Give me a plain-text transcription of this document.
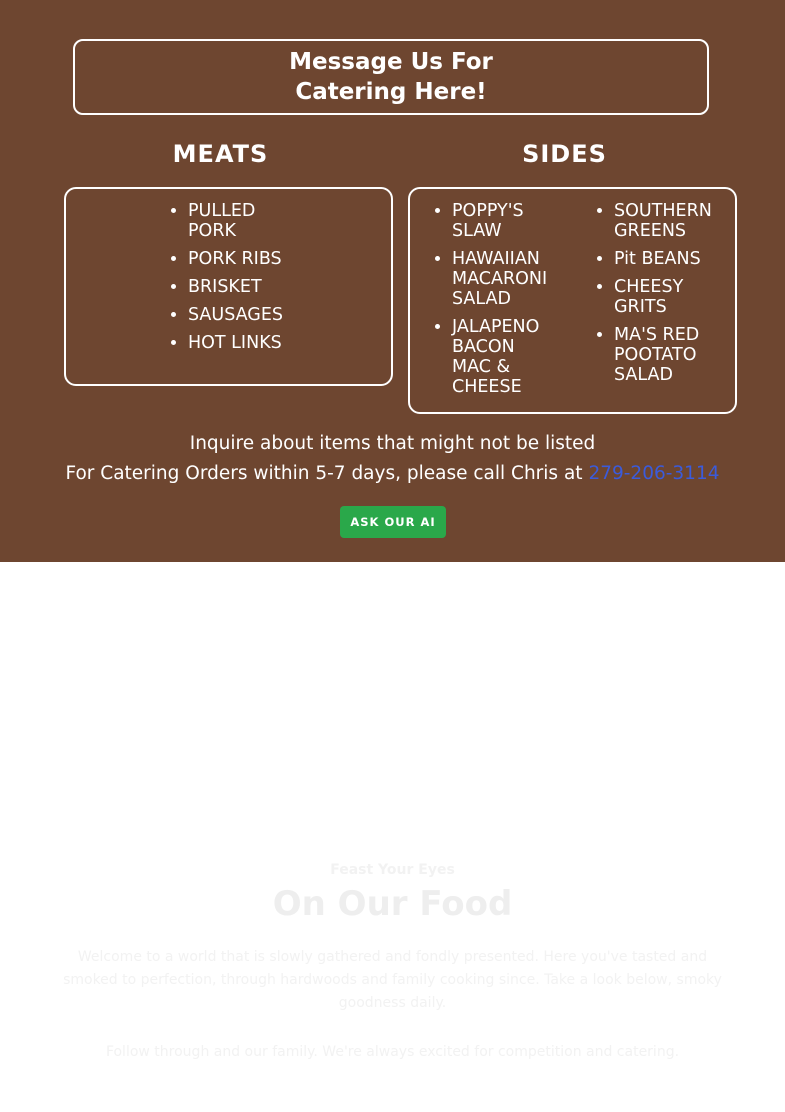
Message Us For Catering Here!
MEATS	SIDES
• PULLED PORK
• PORK RIBS
• BRISKET
• SAUSAGES
• HOT LINKS
• POPPY'S SLAW
• HAWAIIAN MACARONI SALAD
• JALAPENO BACON MAC & CHEESE
• SOUTHERN GREENS
• Pit BEANS
• CHEESY GRITS
• MA'S RED POOTATO SALAD
Inquire about items that might not be listed
For Catering Orders within 5-7 days, please call Chris at 279-206-3114
ASK OUR AI
Feast Your Eyes
On Our Food
Welcome to a world that is slowly gathered and fondly presented. Here you've tasted and smoked to perfection, through hardwoods and family cooking since. Take a look below, smoky goodness daily.
Follow through and our family. We're always excited for competition and catering.
